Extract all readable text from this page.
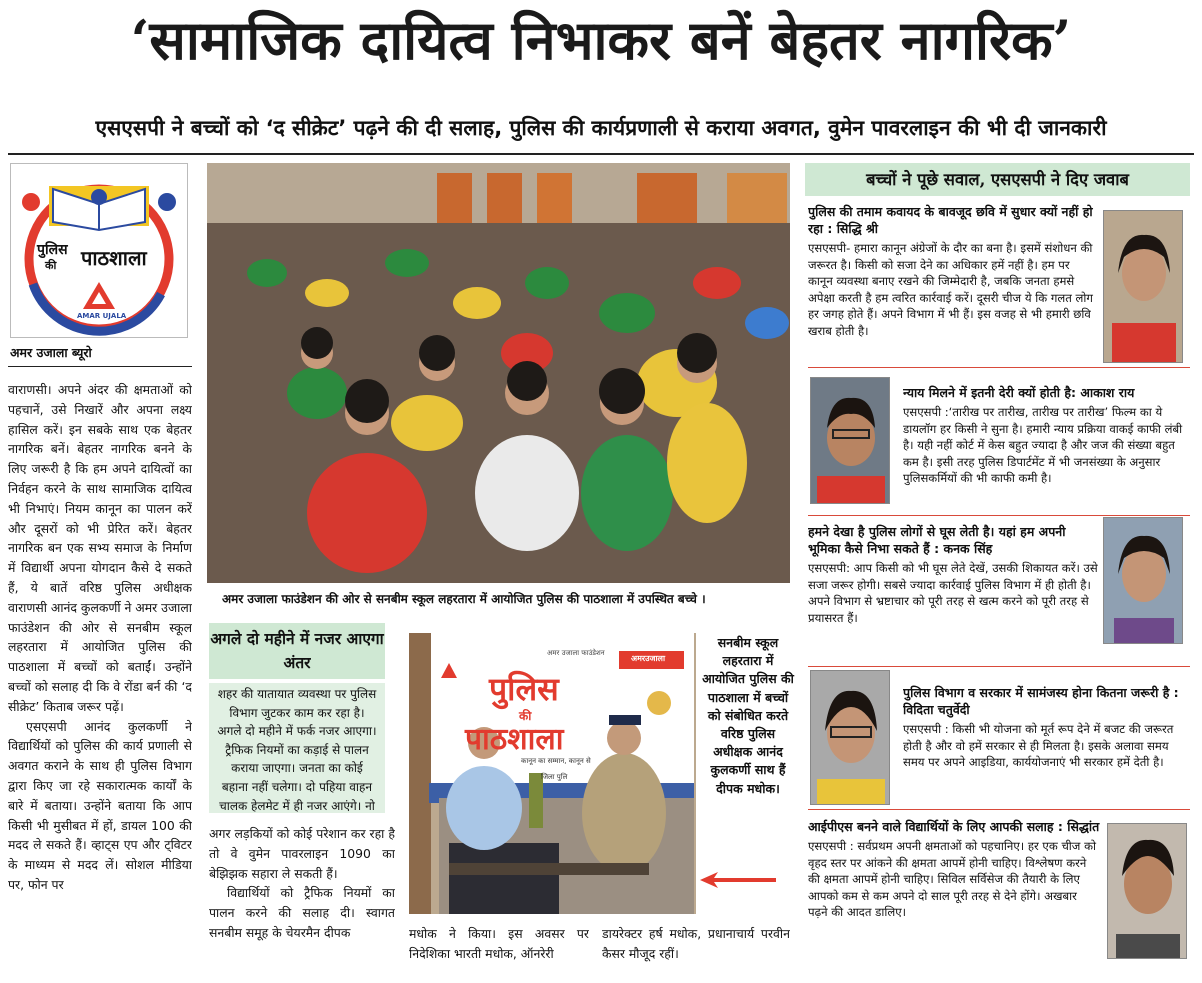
‘सामाजिक दायित्व निभाकर बनें बेहतर नागरिक’
एसएसपी ने बच्चों को ‘द सीक्रेट’ पढ़ने की दी सलाह, पुलिस की कार्यप्रणाली से कराया अवगत, वुमेन पावरलाइन की भी दी जानकारी
पुलिस
की पाठशाला
AMAR UJALA
अमर उजाला ब्यूरो

वाराणसी। अपने अंदर की क्षमताओं को पहचानें, उसे निखारें और अपना लक्ष्य हासिल करें। इन सबके साथ एक बेहतर नागरिक बनें। बेहतर नागरिक बनने के लिए जरूरी है कि हम अपने दायित्वों का निर्वहन करने के साथ सामाजिक दायित्व भी निभाएं। नियम कानून का पालन करें और दूसरों को भी प्रेरित करें। बेहतर नागरिक बन एक सभ्य समाज के निर्माण में विद्यार्थी अपना योगदान कैसे दे सकते हैं, ये बातें वरिष्ठ पुलिस अधीक्षक वाराणसी आनंद कुलकर्णी ने अमर उजाला फाउंडेशन की ओर से सनबीम स्कूल लहरतारा में आयोजित पुलिस की पाठशाला में बच्चों को बताईं। उन्होंने बच्चों को सलाह दी कि वे रोंडा बर्न की ‘द सीक्रेट’ किताब जरूर पढ़ें।

एसएसपी आनंद कुलकर्णी ने विद्यार्थियों को पुलिस की कार्य प्रणाली से अवगत कराने के साथ ही पुलिस विभाग द्वारा किए जा रहे सकारात्मक कार्यों के बारे में बताया। उन्होंने बताया कि आप किसी भी मुसीबत में हों, डायल 100 की मदद ले सकते हैं। व्हाट्स एप और ट्विटर के माध्यम से मदद लें। सोशल मीडिया पर, फोन पर

अमर उजाला फाउंडेशन की ओर से सनबीम स्कूल लहरतारा में आयोजित पुलिस की पाठशाला में उपस्थित बच्चे ।
अगले दो महीने में नजर आएगा अंतर
शहर की यातायात व्यवस्था पर पुलिस विभाग जुटकर काम कर रहा है। अगले दो महीने में फर्क नजर आएगा। ट्रैफिक नियमों का कड़ाई से पालन कराया जाएगा। जनता का कोई बहाना नहीं चलेगा। दो पहिया वाहन चालक हेलमेट में ही नजर आएंगे। नो

अगर लड़कियों को कोई परेशान कर रहा है तो वे वुमेन पावरलाइन 1090 का बेझिझक सहारा ले सकती हैं।

विद्यार्थियों को ट्रैफिक नियमों का पालन करने की सलाह दी। स्वागत सनबीम समूह के चेयरमैन दीपक

अमर उजाला फाउंडेशन
अमरउजाला
पुलिस
की
पाठशाला
कानून का सम्मान, कानून से
जिला पुलि
सनबीम स्कूल लहरतारा में आयोजित पुलिस की पाठशाला में बच्चों को संबोधित करते वरिष्ठ पुलिस अधीक्षक आनंद कुलकर्णी साथ हैं दीपक मधोक।
मधोक ने किया। इस अवसर पर निदेशिका भारती मधोक, ऑनरेरी
डायरेक्टर हर्ष मधोक, प्रधानाचार्य परवीन कैसर मौजूद रहीं।
बच्चों ने पूछे सवाल, एसएसपी ने दिए जवाब
पुलिस की तमाम कवायद के बावजूद छवि में सुधार क्यों नहीं हो रहा : सिद्धि श्री
एसएसपी- हमारा कानून अंग्रेजों के दौर का बना है। इसमें संशोधन की जरूरत है। किसी को सजा देने का अधिकार हमें नहीं है। हम पर कानून व्यवस्था बनाए रखने की जिम्मेदारी है, जबकि जनता हमसे अपेक्षा करती है हम त्वरित कार्रवाई करें। दूसरी चीज ये कि गलत लोग हर जगह होते हैं। अपने विभाग में भी हैं। इस वजह से भी हमारी छवि खराब होती है।
न्याय मिलने में इतनी देरी क्यों होती है: आकाश राय
एसएसपी :‘तारीख पर तारीख, तारीख पर तारीख’ फिल्म का ये डायलॉग हर किसी ने सुना है। हमारी न्याय प्रक्रिया वाकई काफी लंबी है। यही नहीं कोर्ट में केस बहुत ज्यादा है और जज की संख्या बहुत कम है। इसी तरह पुलिस डिपार्टमेंट में भी जनसंख्या के अनुसार पुलिसकर्मियों की भी काफी कमी है।
हमने देखा है पुलिस लोगों से घूस लेती है। यहां हम अपनी भूमिका कैसे निभा सकते हैं : कनक सिंह
एसएसपी: आप किसी को भी घूस लेते देखें, उसकी शिकायत करें। उसे सजा जरूर होगी। सबसे ज्यादा कार्रवाई पुलिस विभाग में ही होती है। अपने विभाग से भ्रष्टाचार को पूरी तरह से खत्म करने को पूरी तरह से प्रयासरत हैं।
पुलिस विभाग व सरकार में सामंजस्य होना कितना जरूरी है : विदिता चतुर्वेदी
एसएसपी : किसी भी योजना को मूर्त रूप देने में बजट की जरूरत होती है और वो हमें सरकार से ही मिलता है। इसके अलावा समय समय पर अपने आइडिया, कार्ययोजनाएं भी सरकार हमें देती है।
आईपीएस बनने वाले विद्यार्थियों के लिए आपकी सलाह : सिद्धांत
एसएसपी : सर्वप्रथम अपनी क्षमताओं को पहचानिए। हर एक चीज को वृहद स्तर पर आंकने की क्षमता आपमें होनी चाहिए। विश्लेषण करने की क्षमता आपमें होनी चाहिए। सिविल सर्विसेज की तैयारी के लिए आपको कम से कम अपने दो साल पूरी तरह से देने होंगे। अखबार पढ़ने की आदत डालिए।
